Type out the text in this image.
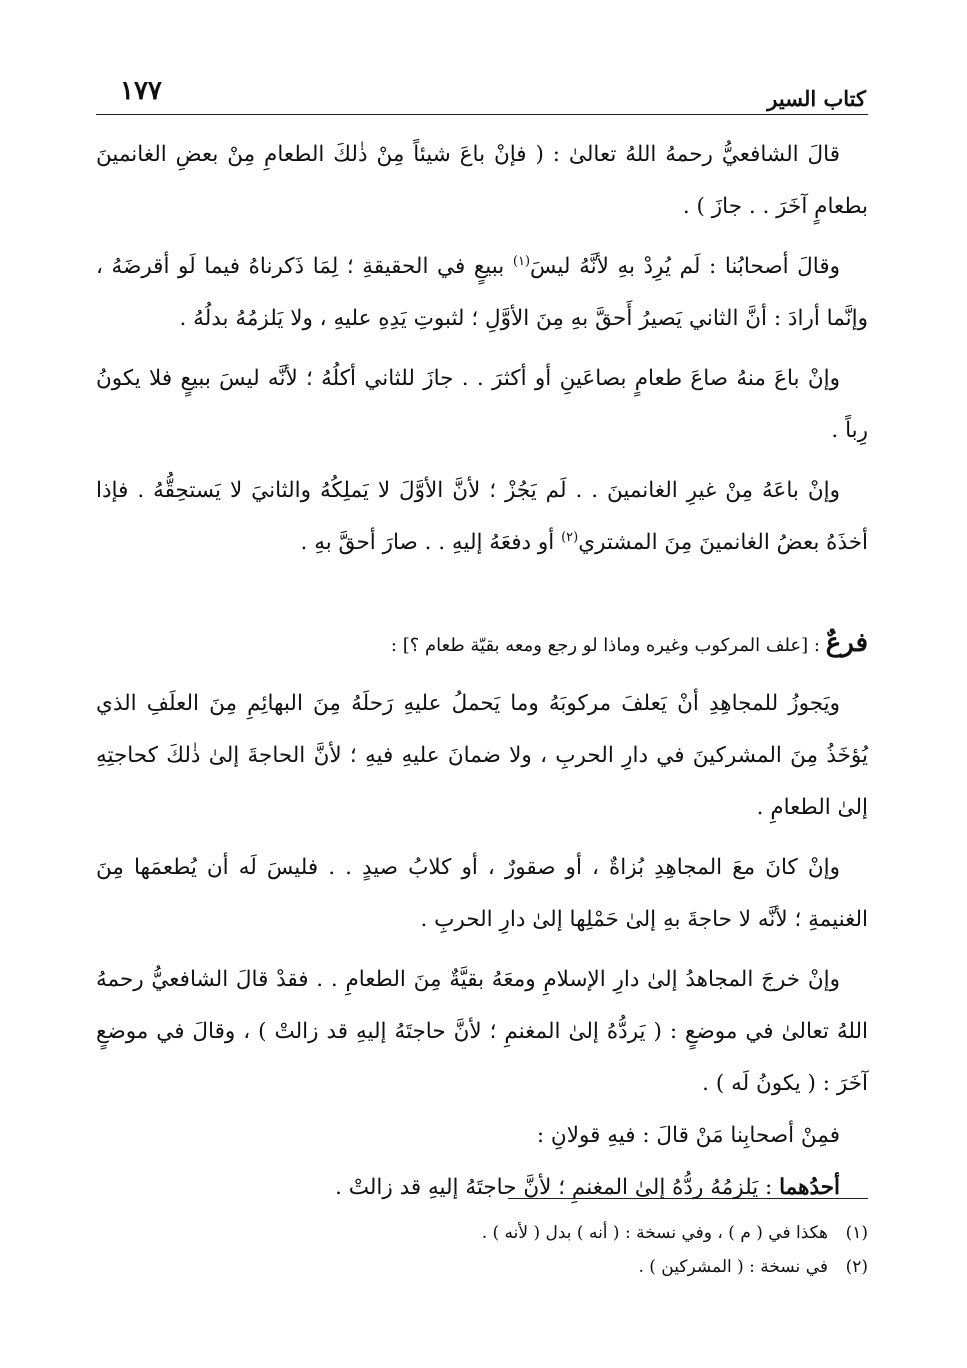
كتاب السير
١٧٧

قالَ الشافعيُّ رحمهُ اللهُ تعالىٰ : ( فإنْ باعَ شيئاً مِنْ ذٰلكَ الطعامِ مِنْ بعضِ الغانمينَ بطعامٍ آخَرَ . . جازَ ) .

وقالَ أصحابُنا : لَم يُرِدْ بهِ لأنَّهُ ليسَ$^{(١)}$ ببيعٍ في الحقيقةِ ؛ لِمَا ذَكرناهُ فيما لَو أقرضَهُ ، وإنَّما أرادَ : أنَّ الثاني يَصيرُ أَحقَّ بهِ مِنَ الأوَّلِ ؛ لثبوتِ يَدِهِ عليهِ ، ولا يَلزمُهُ بدلُهُ .

وإنْ باعَ منهُ صاعَ طعامٍ بصاعَينِ أو أكثرَ . . جازَ للثاني أكلُهُ ؛ لأنَّه ليسَ ببيعٍ فلا يكونُ رِباً .

وإنْ باعَهُ مِنْ غيرِ الغانمينَ . . لَم يَجُزْ ؛ لأنَّ الأوَّلَ لا يَملِكُهُ والثانيَ لا يَستحِقُّهُ . فإذا أخذَهُ بعضُ الغانمينَ مِنَ المشتري$^{(٢)}$ أو دفعَهُ إليهِ . . صارَ أحقَّ بهِ .

فرعٌ : [علف المركوب وغيره وماذا لو رجع ومعه بقيّة طعام ؟] :

ويَجوزُ للمجاهِدِ أنْ يَعلفَ مركوبَهُ وما يَحملُ عليهِ رَحلَهُ مِنَ البهائِمِ مِنَ العلَفِ الذي يُؤخَذُ مِنَ المشركينَ في دارِ الحربِ ، ولا ضمانَ عليهِ فيهِ ؛ لأنَّ الحاجةَ إلىٰ ذٰلكَ كحاجتِهِ إلىٰ الطعامِ .

وإنْ كانَ معَ المجاهِدِ بُزاةٌ ، أو صقورٌ ، أو كلابُ صيدٍ . . فليسَ لَه أن يُطعمَها مِنَ الغنيمةِ ؛ لأنَّه لا حاجةَ بهِ إلىٰ حَمْلِها إلىٰ دارِ الحربِ .

وإنْ خرجَ المجاهدُ إلىٰ دارِ الإسلامِ ومعَهُ بقيَّةٌ مِنَ الطعامِ . . فقدْ قالَ الشافعيُّ رحمهُ اللهُ تعالىٰ في موضعٍ : ( يَردُّهُ إلىٰ المغنمِ ؛ لأنَّ حاجتَهُ إليهِ قد زالتْ ) ، وقالَ في موضعٍ آخَرَ : ( يكونُ لَه ) .

فمِنْ أصحابِنا مَنْ قالَ : فيهِ قولانِ :

أحدُهما : يَلزمُهُ ردُّهُ إلىٰ المغنمِ ؛ لأنَّ حاجتَهُ إليهِ قد زالتْ .

(١)هكذا في ( م ) ، وفي نسخة : ( أنه ) بدل ( لأنه ) .
(٢)في نسخة : ( المشركين ) .
